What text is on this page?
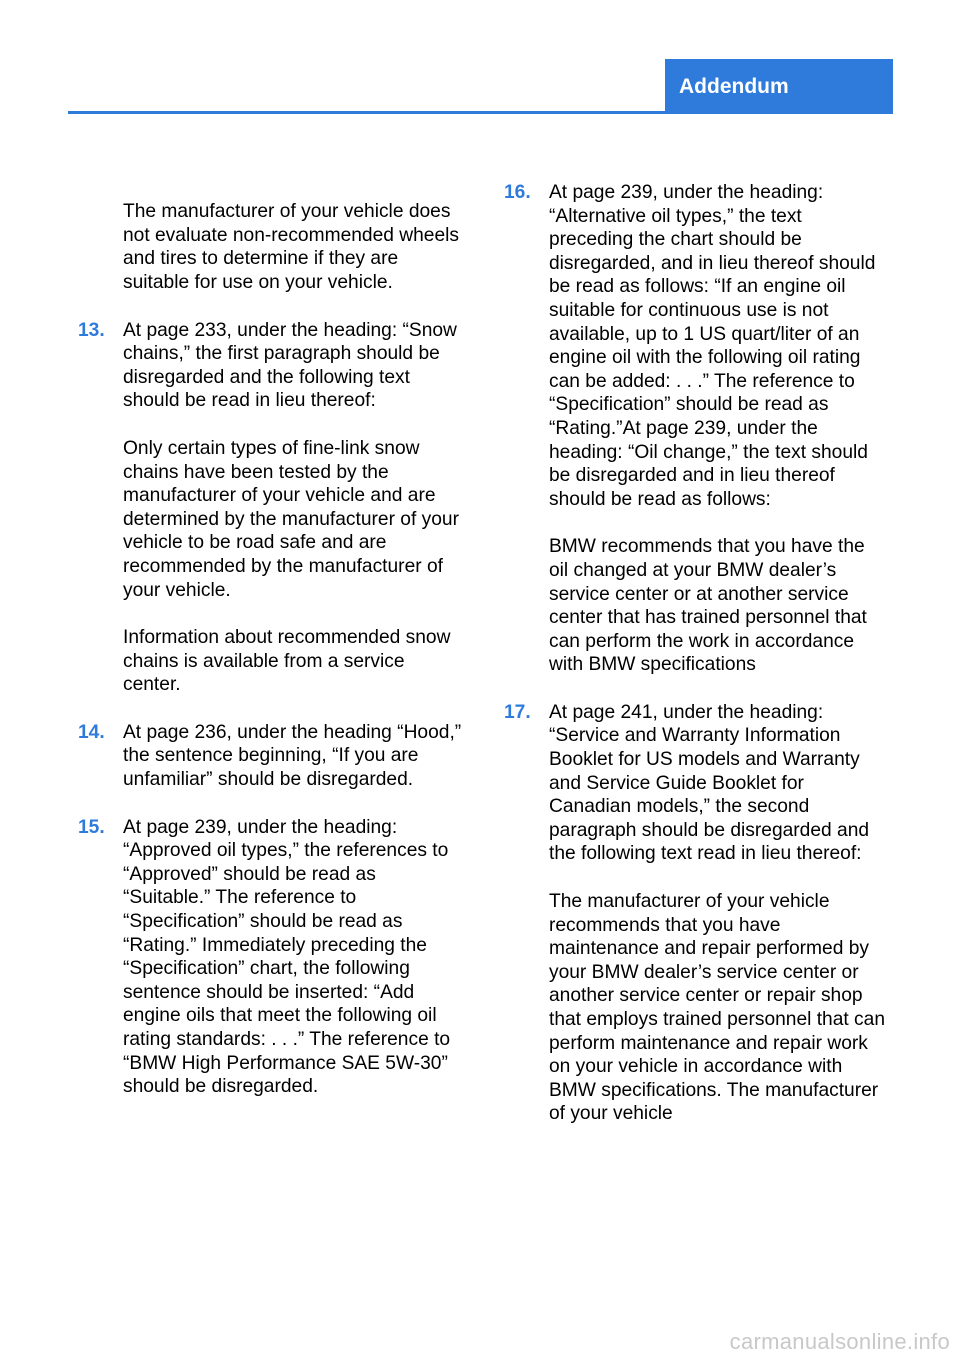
Addendum

The manufacturer of your vehicle does not evaluate non-recommended wheels and tires to determine if they are suitable for use on your vehicle.

13. At page 233, under the heading: “Snow chains,” the first paragraph should be disregarded and the following text should be read in lieu thereof:

Only certain types of fine-link snow chains have been tested by the manufacturer of your vehicle and are determined by the manufacturer of your vehicle to be road safe and are recommended by the manufacturer of your vehicle.

Information about recommended snow chains is available from a service center.

14. At page 236, under the heading “Hood,” the sentence beginning, “If you are unfamiliar” should be disregarded.

15. At page 239, under the heading: “Approved oil types,” the references to “Approved” should be read as “Suitable.” The reference to “Specification” should be read as “Rating.” Immediately preceding the “Specification” chart, the following sentence should be inserted: “Add engine oils that meet the following oil rating standards: . . .” The reference to “BMW High Performance SAE 5W-30” should be disregarded.

16. At page 239, under the heading: “Alternative oil types,” the text preceding the chart should be disregarded, and in lieu thereof should be read as follows: “If an engine oil suitable for continuous use is not available, up to 1 US quart/liter of an engine oil with the following oil rating can be added: . . .” The reference to “Specification” should be read as “Rating.”At page 239, under the heading: “Oil change,” the text should be disregarded and in lieu thereof should be read as follows:

BMW recommends that you have the oil changed at your BMW dealer’s service center or at another service center that has trained personnel that can perform the work in accordance with BMW specifications

17. At page 241, under the heading: “Service and Warranty Information Booklet for US models and Warranty and Service Guide Booklet for Canadian models,” the second paragraph should be disregarded and the following text read in lieu thereof:

The manufacturer of your vehicle recommends that you have maintenance and repair performed by your BMW dealer’s service center or another service center or repair shop that employs trained personnel that can perform maintenance and repair work on your vehicle in accordance with BMW specifications. The manufacturer of your vehicle

carmanualsonline.info
